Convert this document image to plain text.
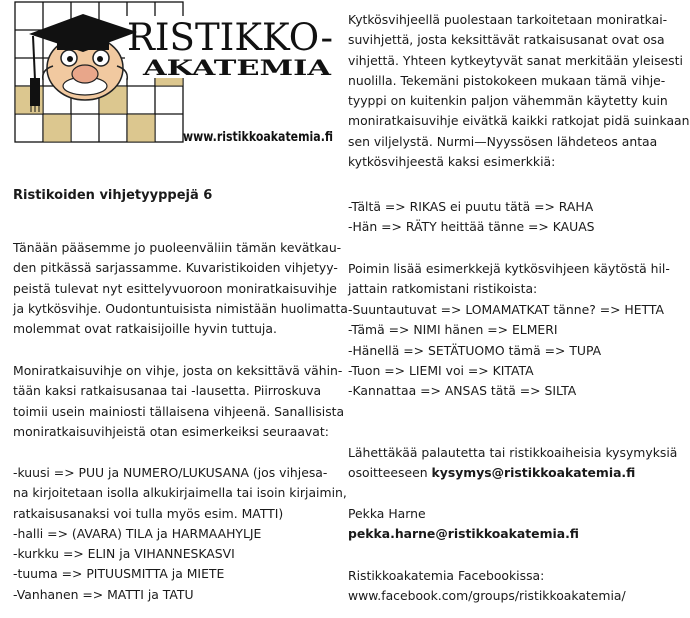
RISTIKKO-
AKATEMIA
www.ristikkoakatemia.fi
Ristikoiden vihjetyyppejä 6
Tänään pääsemme jo puoleenväliin tämän kevätkau-
den pitkässä sarjassamme. Kuvaristikoiden vihjetyy-
peistä tulevat nyt esittelyvuoroon moniratkaisuvihje
ja kytkösvihje. Oudontuntuisista nimistään huolimatta
molemmat ovat ratkaisijoille hyvin tuttuja.
Moniratkaisuvihje on vihje, josta on keksittävä vähin-
tään kaksi ratkaisusanaa tai -lausetta. Piirroskuva
toimii usein mainiosti tällaisena vihjeenä. Sanallisista
moniratkaisuvihjeistä otan esimerkeiksi seuraavat:
-kuusi => PUU ja NUMERO/LUKUSANA (jos vihjesa-
na kirjoitetaan isolla alkukirjaimella tai isoin kirjaimin,
ratkaisusanaksi voi tulla myös esim. MATTI)
-halli => (AVARA) TILA ja HARMAAHYLJE
-kurkku => ELIN ja VIHANNESKASVI
-tuuma => PITUUSMITTA ja MIETE
-Vanhanen => MATTI ja TATU
Kytkösvihjeellä puolestaan tarkoitetaan moniratkai-
suvihjettä, josta keksittävät ratkaisusanat ovat osa
vihjettä. Yhteen kytkeytyvät sanat merkitään yleisesti
nuolilla. Tekemäni pistokokeen mukaan tämä vihje-
tyyppi on kuitenkin paljon vähemmän käytetty kuin
moniratkaisuvihje eivätkä kaikki ratkojat pidä suinkaan
sen viljelystä. Nurmi—Nyyssösen lähdeteos antaa
kytkösvihjeestä kaksi esimerkkiä:
-Tältä => RIKAS ei puutu tätä => RAHA
-Hän => RÄTY heittää tänne => KAUAS
Poimin lisää esimerkkejä kytkösvihjeen käytöstä hil-
jattain ratkomistani ristikoista:
-Suuntautuvat => LOMAMATKAT tänne? => HETTA
-Tämä => NIMI hänen => ELMERI
-Hänellä => SETÄTUOMO tämä => TUPA
-Tuon => LIEMI voi => KITATA
-Kannattaa => ANSAS tätä => SILTA
Lähettäkää palautetta tai ristikkoaiheisia kysymyksiä
osoitteeseen kysymys@ristikkoakatemia.fi
Pekka Harne
pekka.harne@ristikkoakatemia.fi
Ristikkoakatemia Facebookissa:
www.facebook.com/groups/ristikkoakatemia/
